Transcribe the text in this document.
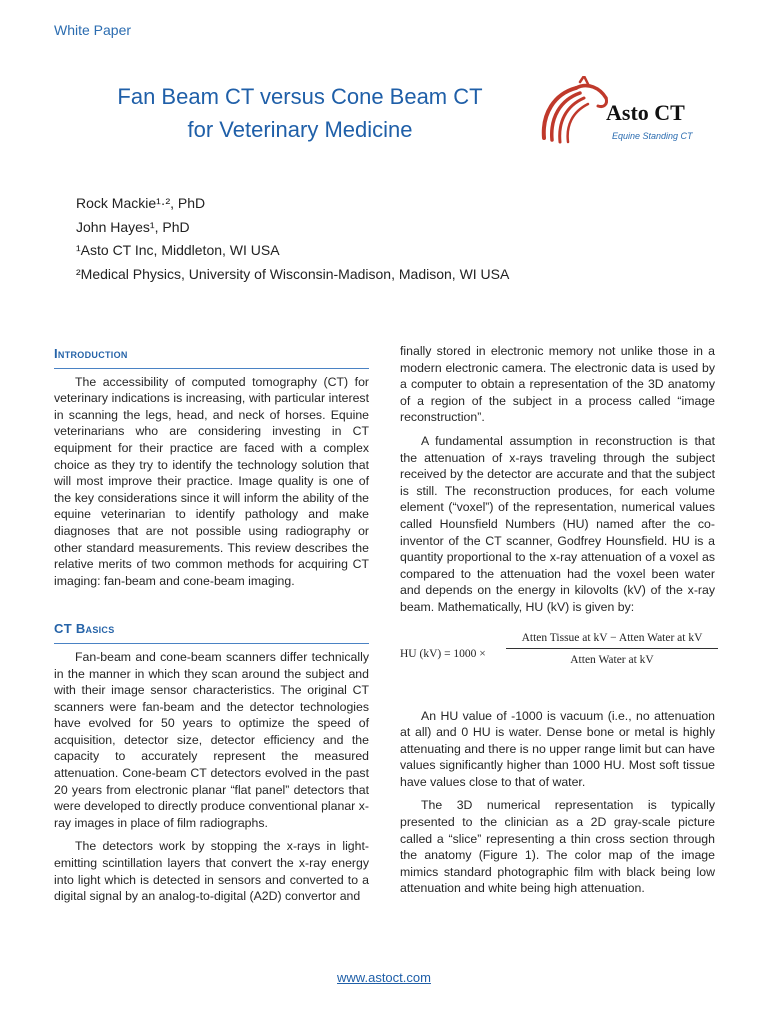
White Paper
Fan Beam CT versus Cone Beam CT
for Veterinary Medicine
Asto CT
Equine Standing CT
Rock Mackie¹·², PhD
John Hayes¹, PhD
¹Asto CT Inc, Middleton, WI USA
²Medical Physics, University of Wisconsin-Madison, Madison, WI USA
Introduction

The accessibility of computed tomography (CT) for veterinary indications is increasing, with particular interest in scanning the legs, head, and neck of horses. Equine veterinarians who are considering investing in CT equipment for their practice are faced with a complex choice as they try to identify the technology solution that will most improve their practice. Image quality is one of the key considerations since it will inform the ability of the equine veterinarian to identify pathology and make diagnoses that are not possible using radiography or other standard measurements. This review describes the relative merits of two common methods for acquiring CT imaging: fan-beam and cone-beam imaging.

CT Basics

Fan-beam and cone-beam scanners differ technically in the manner in which they scan around the subject and with their image sensor characteristics. The original CT scanners were fan-beam and the detector technologies have evolved for 50 years to optimize the speed of acquisition, detector size, detector efficiency and the capacity to accurately represent the measured attenuation. Cone-beam CT detectors evolved in the past 20 years from electronic planar “flat panel” detectors that were developed to directly produce conventional planar x-ray images in place of film radiographs.

The detectors work by stopping the x-rays in light-emitting scintillation layers that convert the x-ray energy into light which is detected in sensors and converted to a digital signal by an analog-to-digital (A2D) convertor and

finally stored in electronic memory not unlike those in a modern electronic camera. The electronic data is used by a computer to obtain a representation of the 3D anatomy of a region of the subject in a process called “image reconstruction”.

A fundamental assumption in reconstruction is that the attenuation of x-rays traveling through the subject received by the detector are accurate and that the subject is still. The reconstruction produces, for each volume element (“voxel”) of the representation, numerical values called Hounsfield Numbers (HU) named after the co-inventor of the CT scanner, Godfrey Hounsfield. HU is a quantity proportional to the x-ray attenuation of a voxel as compared to the attenuation had the voxel been water and depends on the energy in kilovolts (kV) of the x-ray beam. Mathematically, HU (kV) is given by:

HU (kV) = 1000 ×
Atten Tissue at kV − Atten Water at kV
Atten Water at kV

An HU value of -1000 is vacuum (i.e., no attenuation at all) and 0 HU is water. Dense bone or metal is highly attenuating and there is no upper range limit but can have values significantly higher than 1000 HU. Most soft tissue have values close to that of water.

The 3D numerical representation is typically presented to the clinician as a 2D gray-scale picture called a “slice” representing a thin cross section through the anatomy (Figure 1). The color map of the image mimics standard photographic film with black being low attenuation and white being high attenuation.

www.astoct.com
